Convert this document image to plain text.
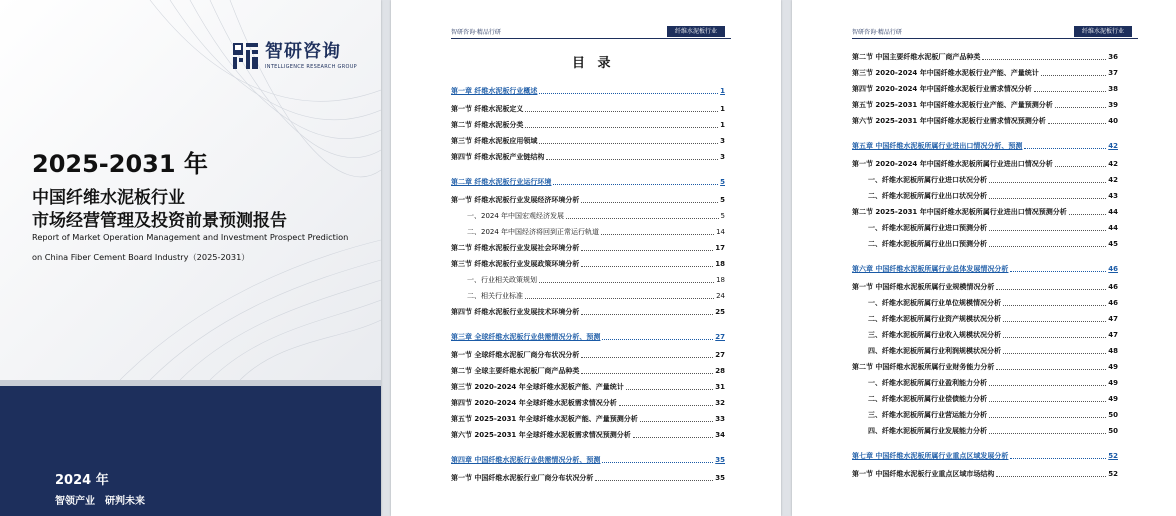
智研咨询
INTELLIGENCE RESEARCH GROUP
2025-2031 年
中国纤维水泥板行业
市场经营管理及投资前景预测报告
Report of Market Operation Management and Investment Prospect Prediction
on China Fiber Cement Board Industry（2025-2031）
2024 年
智领产业　研判未来
智研咨询·精品行研	纤维水泥板行业
目 录
第一章 纤维水泥板行业概述	1
第一节 纤维水泥板定义	1
第二节 纤维水泥板分类	1
第三节 纤维水泥板应用领域	3
第四节 纤维水泥板产业链结构	3
第二章 纤维水泥板行业运行环境	5
第一节 纤维水泥板行业发展经济环境分析	5
一、2024 年中国宏观经济发展	5
二、2024 年中国经济将回到正常运行轨道	14
第二节 纤维水泥板行业发展社会环境分析	17
第三节 纤维水泥板行业发展政策环境分析	18
一、行业相关政策规划	18
二、相关行业标准	24
第四节 纤维水泥板行业发展技术环境分析	25
第三章 全球纤维水泥板行业供需情况分析、预测	27
第一节 全球纤维水泥板厂商分布状况分析	27
第二节 全球主要纤维水泥板厂商产品种类	28
第三节 2020-2024 年全球纤维水泥板产能、产量统计	31
第四节 2020-2024 年全球纤维水泥板需求情况分析	32
第五节 2025-2031 年全球纤维水泥板产能、产量预测分析	33
第六节 2025-2031 年全球纤维水泥板需求情况预测分析	34
第四章 中国纤维水泥板行业供需情况分析、预测	35
第一节 中国纤维水泥板行业厂商分布状况分析	35
智研咨询·精品行研	纤维水泥板行业
第二节 中国主要纤维水泥板厂商产品种类	36
第三节 2020-2024 年中国纤维水泥板行业产能、产量统计	37
第四节 2020-2024 年中国纤维水泥板行业需求情况分析	38
第五节 2025-2031 年中国纤维水泥板行业产能、产量预测分析	39
第六节 2025-2031 年中国纤维水泥板行业需求情况预测分析	40
第五章 中国纤维水泥板所属行业进出口情况分析、预测	42
第一节 2020-2024 年中国纤维水泥板所属行业进出口情况分析	42
一、纤维水泥板所属行业进口状况分析	42
二、纤维水泥板所属行业出口状况分析	43
第二节 2025-2031 年中国纤维水泥板所属行业进出口情况预测分析	44
一、纤维水泥板所属行业进口预测分析	44
二、纤维水泥板所属行业出口预测分析	45
第六章 中国纤维水泥板所属行业总体发展情况分析	46
第一节 中国纤维水泥板所属行业规模情况分析	46
一、纤维水泥板所属行业单位规模情况分析	46
二、纤维水泥板所属行业资产规模状况分析	47
三、纤维水泥板所属行业收入规模状况分析	47
四、纤维水泥板所属行业利润规模状况分析	48
第二节 中国纤维水泥板所属行业财务能力分析	49
一、纤维水泥板所属行业盈利能力分析	49
二、纤维水泥板所属行业偿债能力分析	49
三、纤维水泥板所属行业营运能力分析	50
四、纤维水泥板所属行业发展能力分析	50
第七章 中国纤维水泥板所属行业重点区域发展分析	52
第一节 中国纤维水泥板行业重点区域市场结构	52
